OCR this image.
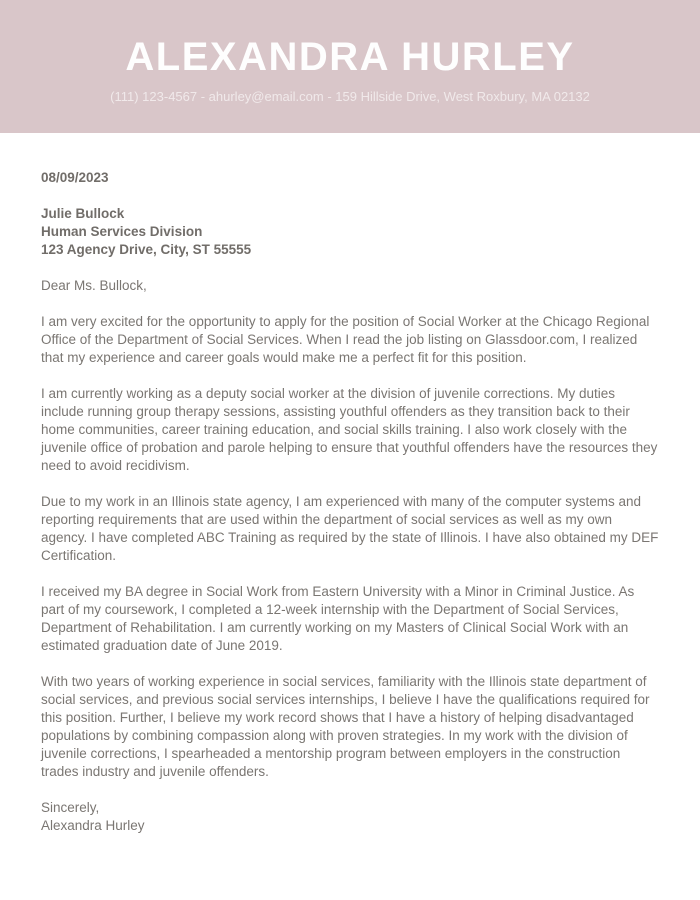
ALEXANDRA HURLEY
(111) 123-4567 - ahurley@email.com - 159 Hillside Drive, West Roxbury, MA 02132
08/09/2023
Julie Bullock
Human Services Division
123 Agency Drive, City, ST 55555
Dear Ms. Bullock,

I am very excited for the opportunity to apply for the position of Social Worker at the Chicago Regional Office of the Department of Social Services. When I read the job listing on Glassdoor.com, I realized that my experience and career goals would make me a perfect fit for this position.

I am currently working as a deputy social worker at the division of juvenile corrections. My duties include running group therapy sessions, assisting youthful offenders as they transition back to their home communities, career training education, and social skills training. I also work closely with the juvenile office of probation and parole helping to ensure that youthful offenders have the resources they need to avoid recidivism.

Due to my work in an Illinois state agency, I am experienced with many of the computer systems and reporting requirements that are used within the department of social services as well as my own agency. I have completed ABC Training as required by the state of Illinois. I have also obtained my DEF Certification.

I received my BA degree in Social Work from Eastern University with a Minor in Criminal Justice. As part of my coursework, I completed a 12-week internship with the Department of Social Services, Department of Rehabilitation. I am currently working on my Masters of Clinical Social Work with an estimated graduation date of June 2019.

With two years of working experience in social services, familiarity with the Illinois state department of social services, and previous social services internships, I believe I have the qualifications required for this position. Further, I believe my work record shows that I have a history of helping disadvantaged populations by combining compassion along with proven strategies. In my work with the division of juvenile corrections, I spearheaded a mentorship program between employers in the construction trades industry and juvenile offenders.

Sincerely,
Alexandra Hurley
